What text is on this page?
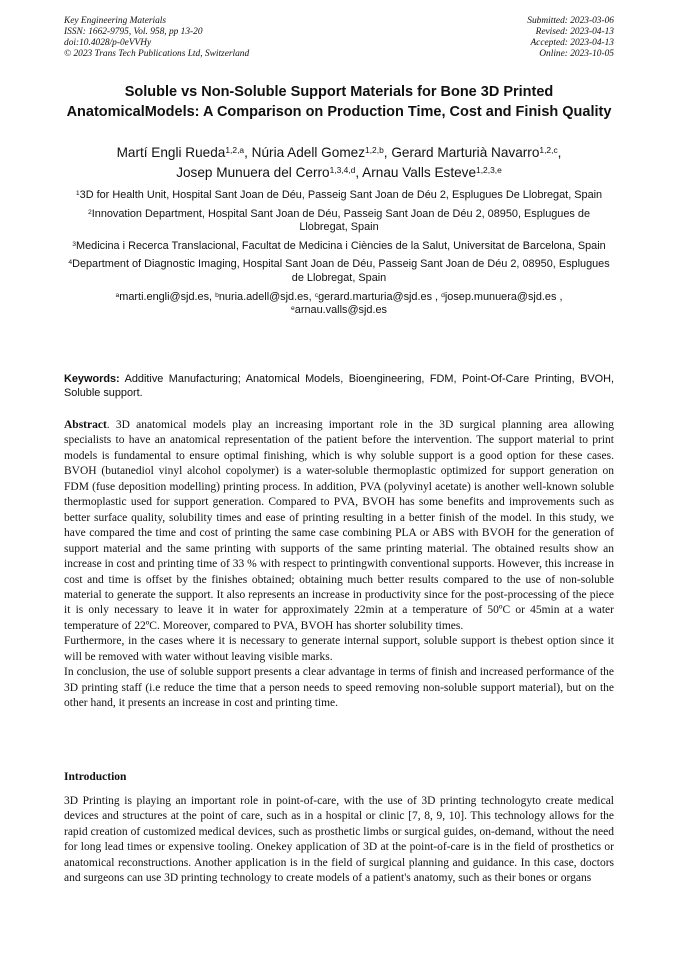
Key Engineering Materials
ISSN: 1662-9795, Vol. 958, pp 13-20
doi:10.4028/p-0eVVHy
© 2023 Trans Tech Publications Ltd, Switzerland
Submitted: 2023-03-06
Revised: 2023-04-13
Accepted: 2023-04-13
Online: 2023-10-05
Soluble vs Non-Soluble Support Materials for Bone 3D Printed AnatomicalModels: A Comparison on Production Time, Cost and Finish Quality
Martí Engli Rueda$^{1,2,a}$, Núria Adell Gomez$^{1,2,b}$, Gerard Marturià Navarro$^{1,2,c}$,
Josep Munuera del Cerro$^{1,3,4,d}$, Arnau Valls Esteve$^{1,2,3,e}$
$^1$3D for Health Unit, Hospital Sant Joan de Déu, Passeig Sant Joan de Déu 2, Esplugues De Llobregat, Spain
$^2$Innovation Department, Hospital Sant Joan de Déu, Passeig Sant Joan de Déu 2, 08950, Esplugues de Llobregat, Spain
$^3$Medicina i Recerca Translacional, Facultat de Medicina i Ciències de la Salut, Universitat de Barcelona, Spain
$^4$Department of Diagnostic Imaging, Hospital Sant Joan de Déu, Passeig Sant Joan de Déu 2, 08950, Esplugues de Llobregat, Spain
$^a$marti.engli@sjd.es, $^b$nuria.adell@sjd.es, $^c$gerard.marturia@sjd.es , $^d$josep.munuera@sjd.es ,
$^e$arnau.valls@sjd.es
Keywords: Additive Manufacturing; Anatomical Models, Bioengineering, FDM, Point-Of-Care Printing, BVOH, Soluble support.

Abstract. 3D anatomical models play an increasing important role in the 3D surgical planning area allowing specialists to have an anatomical representation of the patient before the intervention. The support material to print models is fundamental to ensure optimal finishing, which is why soluble support is a good option for these cases. BVOH (butanediol vinyl alcohol copolymer) is a water-soluble thermoplastic optimized for support generation on FDM (fuse deposition modelling) printing process. In addition, PVA (polyvinyl acetate) is another well-known soluble thermoplastic used for support generation. Compared to PVA, BVOH has some benefits and improvements such as better surface quality, solubility times and ease of printing resulting in a better finish of the model. In this study, we have compared the time and cost of printing the same case combining PLA or ABS with BVOH for the generation of support material and the same printing with supports of the same printing material. The obtained results show an increase in cost and printing time of 33 % with respect to printingwith conventional supports. However, this increase in cost and time is offset by the finishes obtained; obtaining much better results compared to the use of non-soluble material to generate the support. It also represents an increase in productivity since for the post-processing of the piece it is only necessary to leave it in water for approximately 22min at a temperature of 50ºC or 45min at a water temperature of 22ºC. Moreover, compared to PVA, BVOH has shorter solubility times.

Furthermore, in the cases where it is necessary to generate internal support, soluble support is thebest option since it will be removed with water without leaving visible marks.

In conclusion, the use of soluble support presents a clear advantage in terms of finish and increased performance of the 3D printing staff (i.e reduce the time that a person needs to speed removing non-soluble support material), but on the other hand, it presents an increase in cost and printing time.

Introduction

3D Printing is playing an important role in point-of-care, with the use of 3D printing technologyto create medical devices and structures at the point of care, such as in a hospital or clinic [7, 8, 9, 10]. This technology allows for the rapid creation of customized medical devices, such as prosthetic limbs or surgical guides, on-demand, without the need for long lead times or expensive tooling. Onekey application of 3D at the point-of-care is in the field of prosthetics or anatomical reconstructions. Another application is in the field of surgical planning and guidance. In this case, doctors and surgeons can use 3D printing technology to create models of a patient's anatomy, such as their bones or organs
